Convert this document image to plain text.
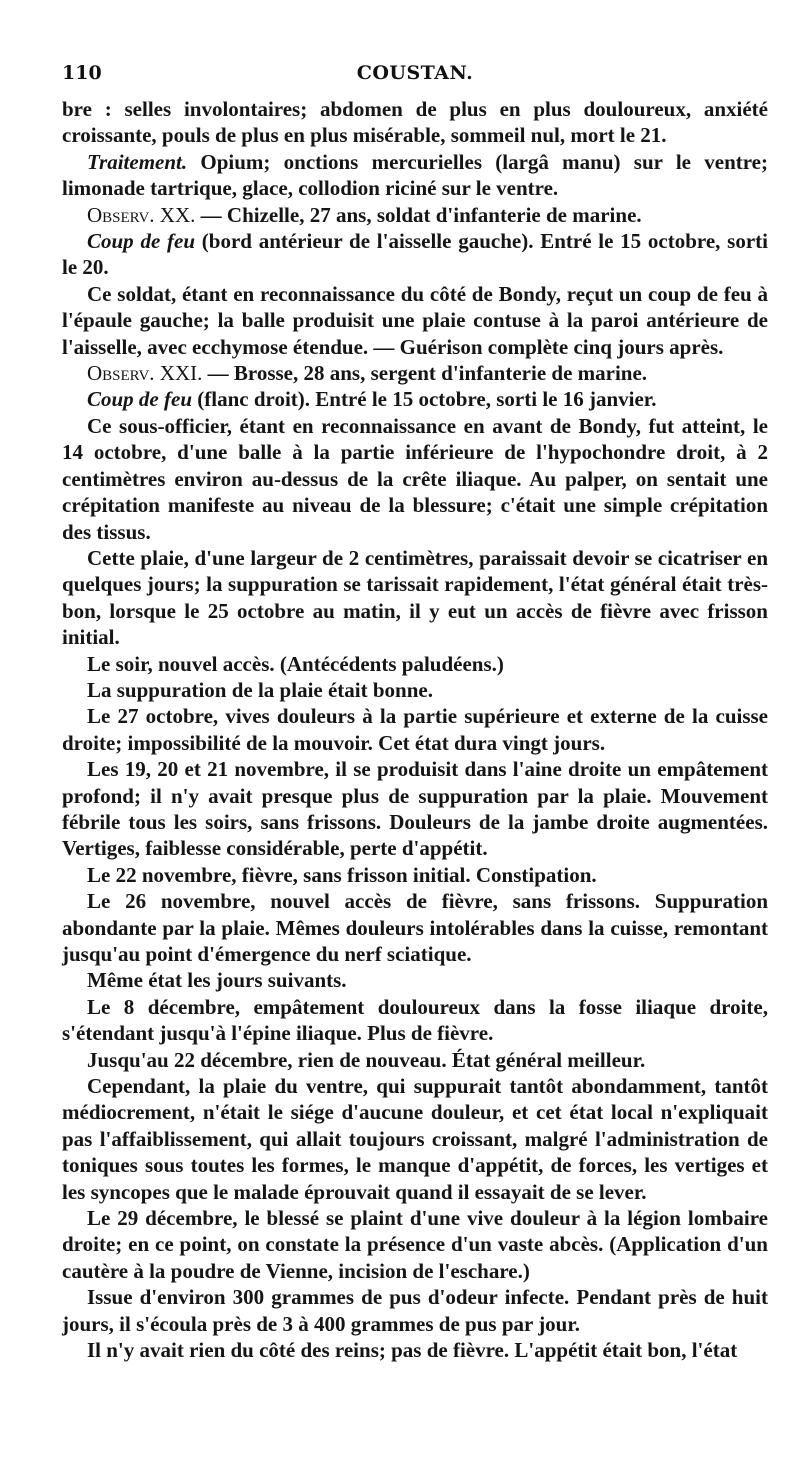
110	COUSTAN.

bre : selles involontaires; abdomen de plus en plus douloureux, anxiété croissante, pouls de plus en plus misérable, sommeil nul, mort le 21.

Traitement. Opium; onctions mercurielles (largâ manu) sur le ventre; limonade tartrique, glace, collodion riciné sur le ventre.

Observ. XX. — Chizelle, 27 ans, soldat d'infanterie de marine.

Coup de feu (bord antérieur de l'aisselle gauche). Entré le 15 octobre, sorti le 20.

Ce soldat, étant en reconnaissance du côté de Bondy, reçut un coup de feu à l'épaule gauche; la balle produisit une plaie contuse à la paroi antérieure de l'aisselle, avec ecchymose étendue. — Guérison complète cinq jours après.

Observ. XXI. — Brosse, 28 ans, sergent d'infanterie de marine.

Coup de feu (flanc droit). Entré le 15 octobre, sorti le 16 janvier.

Ce sous-officier, étant en reconnaissance en avant de Bondy, fut atteint, le 14 octobre, d'une balle à la partie inférieure de l'hypochondre droit, à 2 centimètres environ au-dessus de la crête iliaque. Au palper, on sentait une crépitation manifeste au niveau de la blessure; c'était une simple crépitation des tissus.

Cette plaie, d'une largeur de 2 centimètres, paraissait devoir se cicatriser en quelques jours; la suppuration se tarissait rapidement, l'état général était très-bon, lorsque le 25 octobre au matin, il y eut un accès de fièvre avec frisson initial.

Le soir, nouvel accès. (Antécédents paludéens.)

La suppuration de la plaie était bonne.

Le 27 octobre, vives douleurs à la partie supérieure et externe de la cuisse droite; impossibilité de la mouvoir. Cet état dura vingt jours.

Les 19, 20 et 21 novembre, il se produisit dans l'aine droite un empâtement profond; il n'y avait presque plus de suppuration par la plaie. Mouvement fébrile tous les soirs, sans frissons. Douleurs de la jambe droite augmentées. Vertiges, faiblesse considérable, perte d'appétit.

Le 22 novembre, fièvre, sans frisson initial. Constipation.

Le 26 novembre, nouvel accès de fièvre, sans frissons. Suppuration abondante par la plaie. Mêmes douleurs intolérables dans la cuisse, remontant jusqu'au point d'émergence du nerf sciatique.

Même état les jours suivants.

Le 8 décembre, empâtement douloureux dans la fosse iliaque droite, s'étendant jusqu'à l'épine iliaque. Plus de fièvre.

Jusqu'au 22 décembre, rien de nouveau. État général meilleur.

Cependant, la plaie du ventre, qui suppurait tantôt abondamment, tantôt médiocrement, n'était le siége d'aucune douleur, et cet état local n'expliquait pas l'affaiblissement, qui allait toujours croissant, malgré l'administration de toniques sous toutes les formes, le manque d'appétit, de forces, les vertiges et les syncopes que le malade éprouvait quand il essayait de se lever.

Le 29 décembre, le blessé se plaint d'une vive douleur à la légion lombaire droite; en ce point, on constate la présence d'un vaste abcès. (Application d'un cautère à la poudre de Vienne, incision de l'eschare.)

Issue d'environ 300 grammes de pus d'odeur infecte. Pendant près de huit jours, il s'écoula près de 3 à 400 grammes de pus par jour.

Il n'y avait rien du côté des reins; pas de fièvre. L'appétit était bon, l'état
